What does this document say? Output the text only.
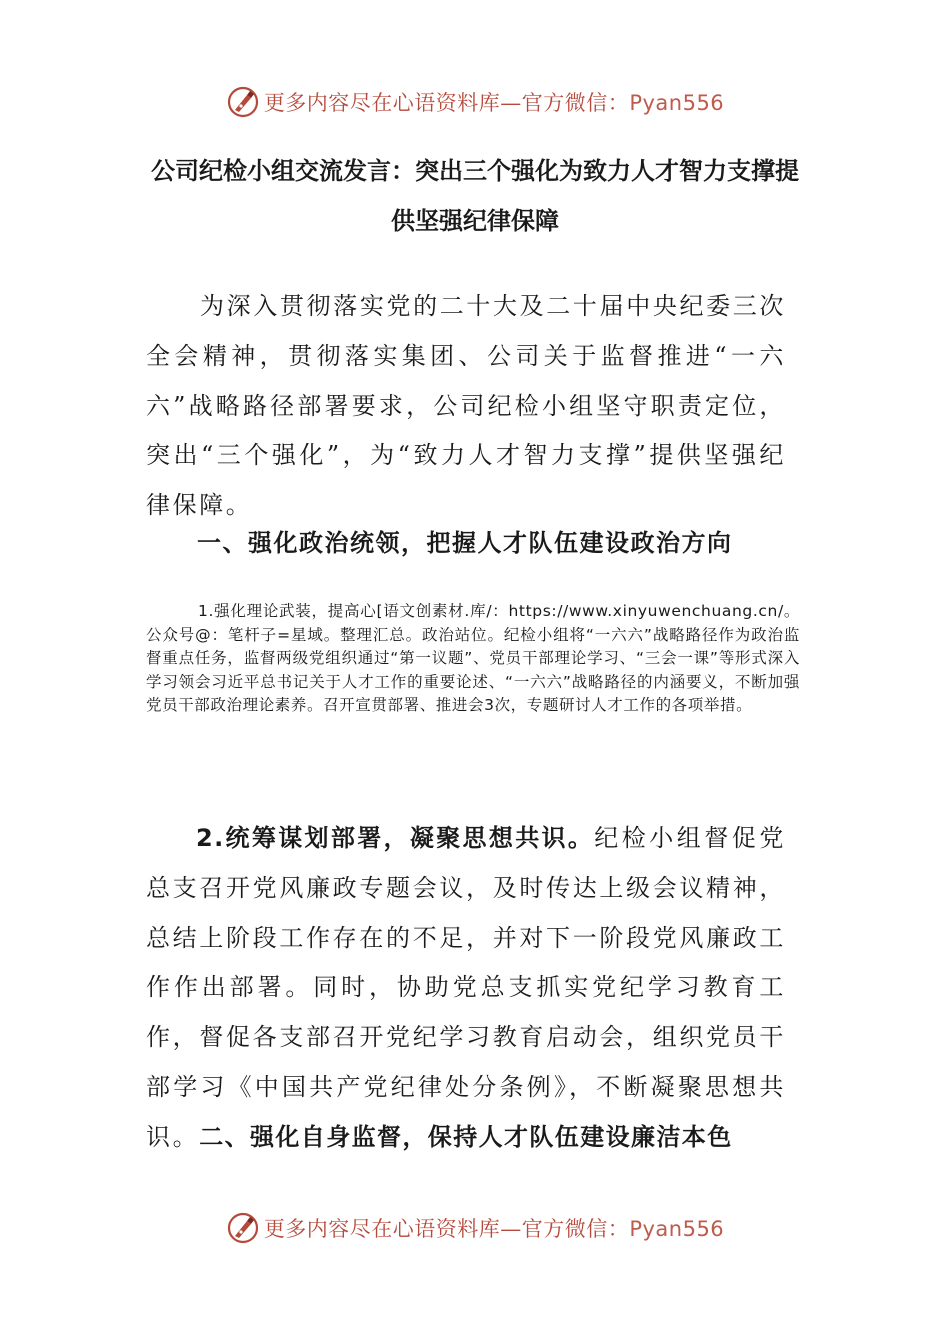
更多内容尽在心语资料库—官方微信：Pyan556
公司纪检小组交流发言：突出三个强化为致力人才智力支撑提供坚强纪律保障

为深入贯彻落实党的二十大及二十届中央纪委三次全会精神，贯彻落实集团、公司关于监督推进“一六六”战略路径部署要求，公司纪检小组坚守职责定位，突出“三个强化”，为“致力人才智力支撑”提供坚强纪律保障。

一、强化政治统领，把握人才队伍建设政治方向

1.强化理论武装，提高心[语文创素材.库/：https://www.xinyuwenchuang.cn/。公众号@：笔杆子=星域。整理汇总。政治站位。纪检小组将“一六六”战略路径作为政治监督重点任务，监督两级党组织通过“第一议题”、党员干部理论学习、“三会一课”等形式深入学习领会习近平总书记关于人才工作的重要论述、“一六六”战略路径的内涵要义，不断加强党员干部政治理论素养。召开宣贯部署、推进会3次，专题研讨人才工作的各项举措。

2.统筹谋划部署，凝聚思想共识。纪检小组督促党总支召开党风廉政专题会议，及时传达上级会议精神，总结上阶段工作存在的不足，并对下一阶段党风廉政工作作出部署。同时，协助党总支抓实党纪学习教育工作，督促各支部召开党纪学习教育启动会，组织党员干部学习《中国共产党纪律处分条例》，不断凝聚思想共识。二、强化自身监督，保持人才队伍建设廉洁本色

更多内容尽在心语资料库—官方微信：Pyan556
